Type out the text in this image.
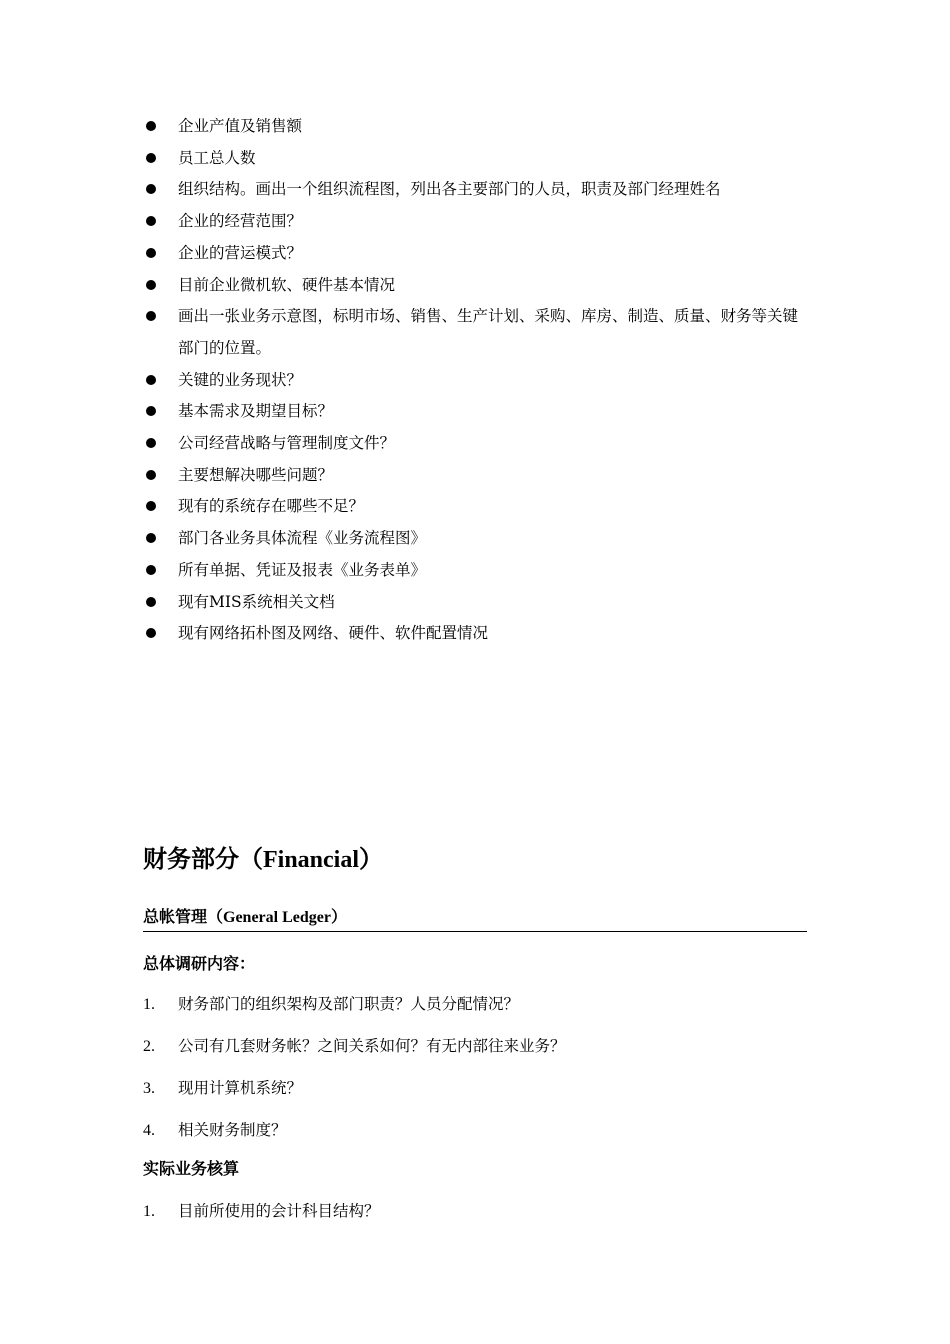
企业产值及销售额
员工总人数
组织结构。画出一个组织流程图，列出各主要部门的人员，职责及部门经理姓名
企业的经营范围？
企业的营运模式？
目前企业微机软、硬件基本情况
画出一张业务示意图，标明市场、销售、生产计划、采购、库房、制造、质量、财务等关键部门的位置。
关键的业务现状？
基本需求及期望目标？
公司经营战略与管理制度文件？
主要想解决哪些问题？
现有的系统存在哪些不足？
部门各业务具体流程《业务流程图》
所有单据、凭证及报表《业务表单》
现有MIS系统相关文档
现有网络拓朴图及网络、硬件、软件配置情况
财务部分（Financial）
总帐管理（General Ledger）
总体调研内容：
1. 财务部门的组织架构及部门职责？人员分配情况？
2. 公司有几套财务帐？之间关系如何？有无内部往来业务？
3. 现用计算机系统？
4. 相关财务制度？
实际业务核算
1. 目前所使用的会计科目结构？
